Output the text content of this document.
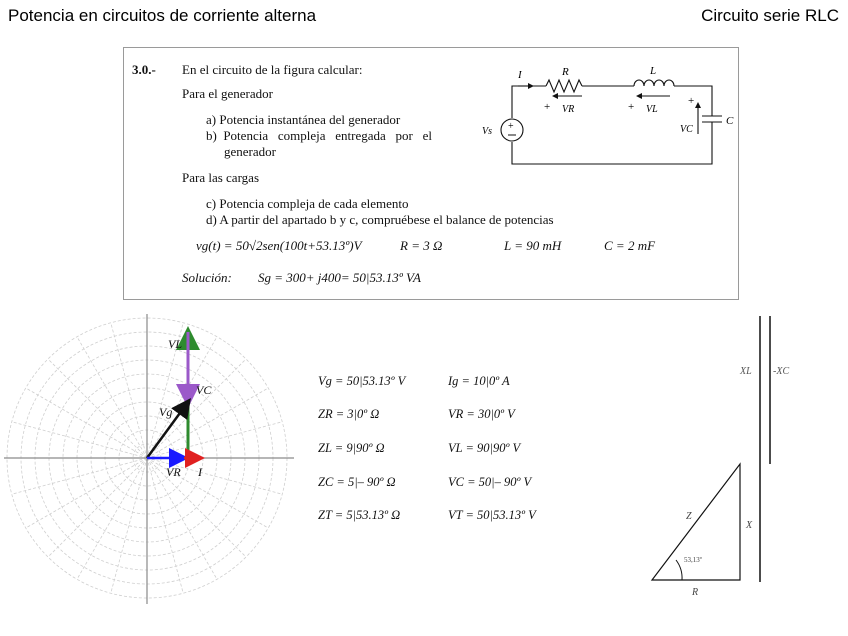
Potencia en circuitos de corriente alterna	Circuito serie RLC
3.0.- En el circuito de la figura calcular:
Para el generador
a) Potencia instantánea del generador
b)  Potencia   compleja   entregada   por   el
generador
Para las cargas
c) Potencia compleja de cada elemento
d) A partir del apartado b y c, compruébese el balance de potencias
vg(t) = 50√2sen(100t+53.13º)V	R = 3 Ω	L = 90 mH	C = 2 mF
Solución: Sg = 300+ j400= 50|53.13º VA
I	R	L
C
Vs
VR	VL
VC
+	+	+
+
VL
VC
Vg
VR I
Vg = 50|53.13º V	Ig = 10|0º A
ZR = 3|0º Ω	VR = 30|0º V
ZL = 9|90º Ω	VL = 90|90º V
ZC = 5|– 90º Ω	VC = 50|– 90º V
ZT = 5|53.13º Ω	VT = 50|53.13º V
XL -XC
Z
X
R
53,13º
